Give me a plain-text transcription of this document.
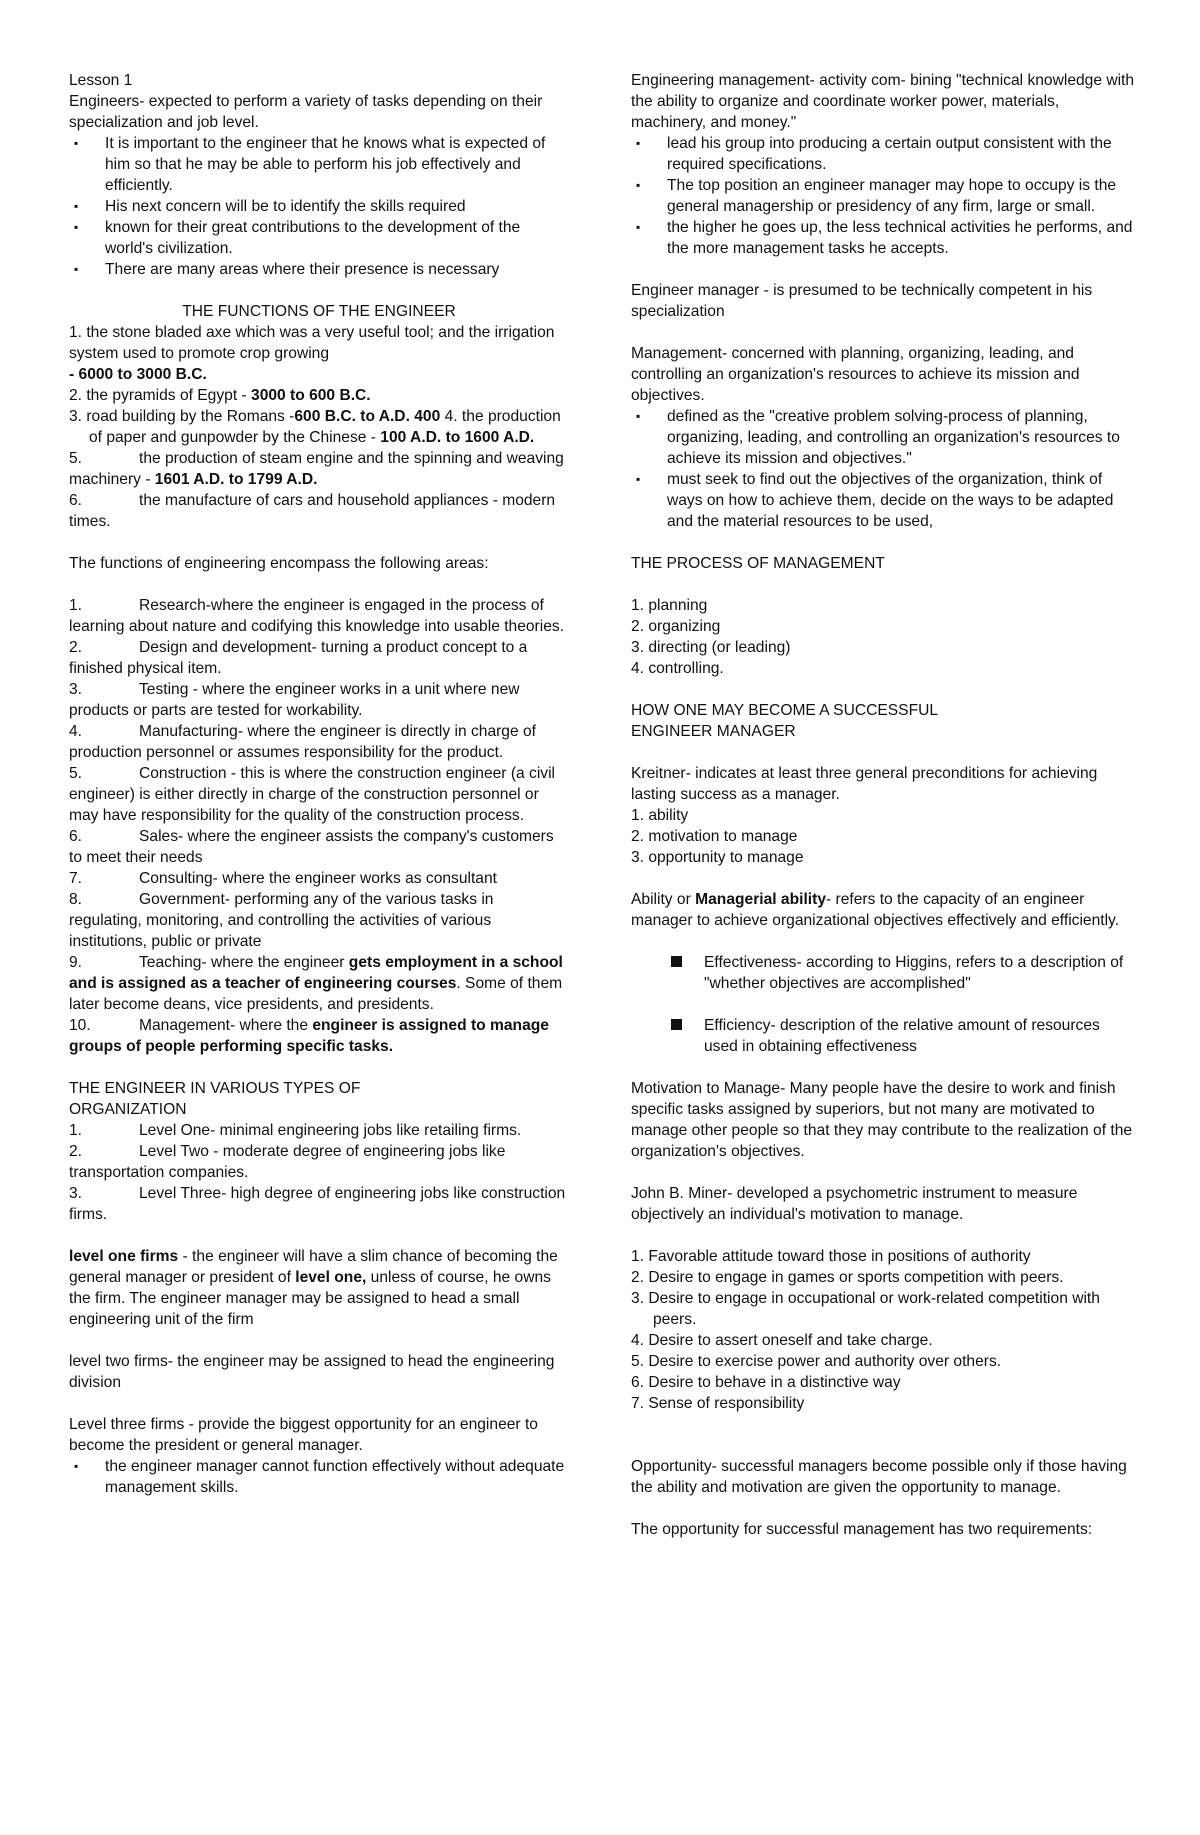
Lesson 1

Engineers- expected to perform a variety of tasks depending on their specialization and job level.

▪ It is important to the engineer that he knows what is expected of him so that he may be able to perform his job effectively and efficiently.
▪ His next concern will be to identify the skills required
▪ known for their great contributions to the development of the world's civilization.
▪ There are many areas where their presence is necessary

THE FUNCTIONS OF THE ENGINEER

1. the stone bladed axe which was a very useful tool; and the irrigation system used to promote crop growing
- 6000 to 3000 B.C.

2. the pyramids of Egypt - 3000 to 600 B.C.

3. road building by the Romans -600 B.C. to A.D. 400 4. the production of paper and gunpowder by the Chinese - 100 A.D. to 1600 A.D.

5.	the production of steam engine and the spinning and weaving machinery - 1601 A.D. to 1799 A.D.

6.	the manufacture of cars and household appliances - modern times.

The functions of engineering encompass the following areas:

1.	Research-where the engineer is engaged in the process of learning about nature and codifying this knowledge into usable theories.

2.	Design and development- turning a product concept to a finished physical item.

3.	Testing - where the engineer works in a unit where new products or parts are tested for workability.

4.	Manufacturing- where the engineer is directly in charge of production personnel or assumes responsibility for the product.

5.	Construction - this is where the construction engineer (a civil engineer) is either directly in charge of the construction personnel or may have responsibility for the quality of the construction process.

6.	Sales- where the engineer assists the company's customers to meet their needs

7.	Consulting- where the engineer works as consultant

8.	Government- performing any of the various tasks in regulating, monitoring, and controlling the activities of various institutions, public or private

9.	Teaching- where the engineer gets employment in a school and is assigned as a teacher of engineering courses. Some of them later become deans, vice presidents, and presidents.

10.	Management- where the engineer is assigned to manage groups of people performing specific tasks.

THE ENGINEER IN VARIOUS TYPES OF ORGANIZATION

1.	Level One- minimal engineering jobs like retailing firms.

2.	Level Two - moderate degree of engineering jobs like transportation companies.

3.	Level Three- high degree of engineering jobs like construction firms.

level one firms - the engineer will have a slim chance of becoming the general manager or president of level one, unless of course, he owns the firm. The engineer manager may be assigned to head a small engineering unit of the firm

level two firms- the engineer may be assigned to head the engineering division

Level three firms - provide the biggest opportunity for an engineer to become the president or general manager.

▪ the engineer manager cannot function effectively without adequate management skills.

Engineering management- activity com- bining "technical knowledge with the ability to organize and coordinate worker power, materials, machinery, and money."

▪ lead his group into producing a certain output consistent with the required specifications.
▪ The top position an engineer manager may hope to occupy is the general managership or presidency of any firm, large or small.
▪ the higher he goes up, the less technical activities he performs, and the more management tasks he accepts.

Engineer manager - is presumed to be technically competent in his specialization

Management- concerned with planning, organizing, leading, and controlling an organization's resources to achieve its mission and objectives.

▪ defined as the "creative problem solving-process of planning, organizing, leading, and controlling an organization's resources to achieve its mission and objectives."
▪ must seek to find out the objectives of the organization, think of ways on how to achieve them, decide on the ways to be adapted and the material resources to be used,

THE PROCESS OF MANAGEMENT

1. planning

2. organizing

3. directing (or leading)

4. controlling.

HOW ONE MAY BECOME A SUCCESSFUL

ENGINEER MANAGER

Kreitner- indicates at least three general preconditions for achieving lasting success as a manager.

1. ability

2. motivation to manage

3. opportunity to manage

Ability or Managerial ability- refers to the capacity of an engineer manager to achieve organizational objectives effectively and efficiently.

Effectiveness- according to Higgins, refers to a description of "whether objectives are accomplished"
Efficiency- description of the relative amount of resources used in obtaining effectiveness

Motivation to Manage- Many people have the desire to work and finish specific tasks assigned by superiors, but not many are motivated to manage other people so that they may contribute to the realization of the organization's objectives.

John B. Miner- developed a psychometric instrument to measure objectively an individual's motivation to manage.

1. Favorable attitude toward those in positions of authority

2. Desire to engage in games or sports competition with peers.

3. Desire to engage in occupational or work-related competition with peers.

4. Desire to assert oneself and take charge.

5. Desire to exercise power and authority over others.

6. Desire to behave in a distinctive way

7. Sense of responsibility

Opportunity- successful managers become possible only if those having the ability and motivation are given the opportunity to manage.

The opportunity for successful management has two requirements:
